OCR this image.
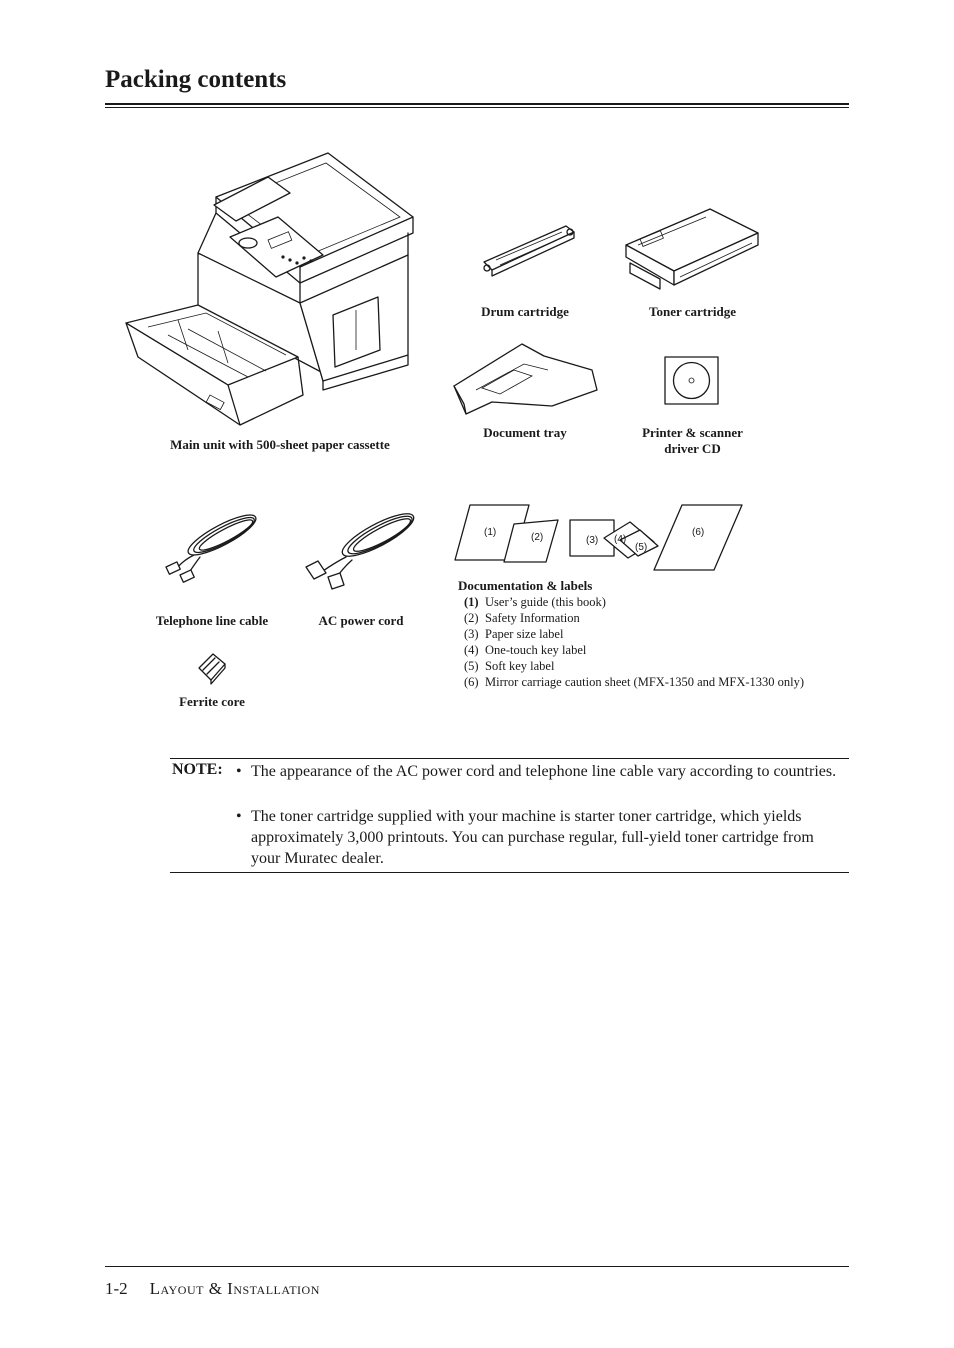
Packing contents
Main unit with 500-sheet paper cassette
Drum cartridge	Toner cartridge
Document tray	Printer & scanner
driver CD
Telephone line cable	AC power cord
Ferrite core
(1)	(2)	(3) (4)
(5)
(6)
Documentation & labels
(1) User’s guide (this book)
(2) Safety Information
(3) Paper size label
(4) One-touch key label
(5) Soft key label
(6) Mirror carriage caution sheet (MFX-1350 and MFX-1330 only)
NOTE: • The appearance of the AC power cord and telephone line cable vary according to countries.
• The toner cartridge supplied with your machine is starter toner cartridge, which yields approximately 3,000 printouts. You can purchase regular, full-yield toner cartridge from your Muratec dealer.
1-2 Layout & Installation
